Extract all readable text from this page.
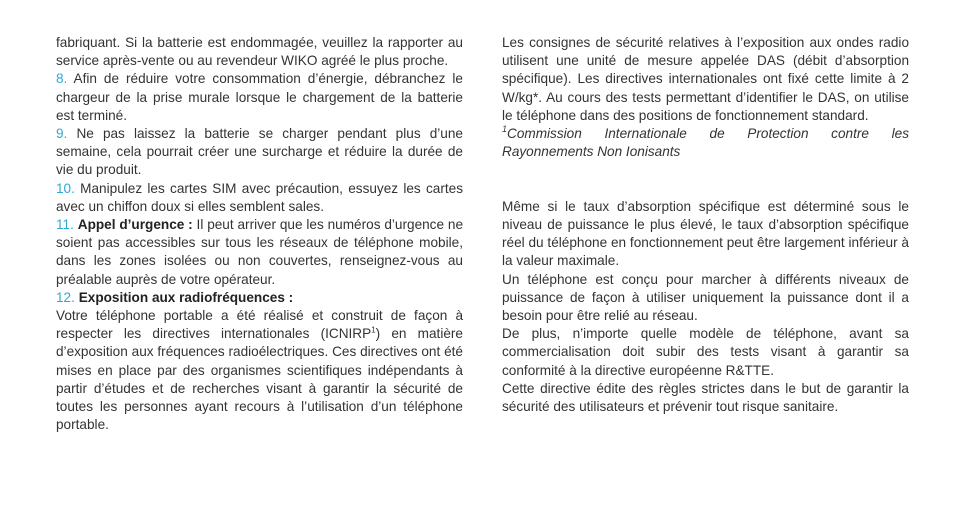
fabriquant. Si la batterie est endommagée, veuillez la rapporter au service après-vente ou au revendeur WIKO agréé le plus proche.

8. Afin de réduire votre consommation d’énergie, débranchez le chargeur de la prise murale lorsque le chargement de la batterie est terminé.

9. Ne pas laissez la batterie se charger pendant plus d’une semaine, cela pourrait créer une surcharge et réduire la durée de vie du produit.

10. Manipulez les cartes SIM avec précaution, essuyez les cartes avec un chiffon doux si elles semblent sales.

11. Appel d’urgence : Il peut arriver que les numéros d’urgence ne soient pas accessibles sur tous les réseaux de téléphone mobile, dans les zones isolées ou non couvertes, renseignez-vous au préalable auprès de votre opérateur.

12. Exposition aux radiofréquences :

Votre téléphone portable a été réalisé et construit de façon à respecter les directives internationales (ICNIRP$^1$) en matière d’exposition aux fréquences radioélectriques. Ces directives ont été mises en place par des organismes scientifiques indépendants à partir d’études et de recherches visant à garantir la sécurité de toutes les personnes ayant recours à l’utilisation d’un téléphone portable.

Les consignes de sécurité relatives à l’exposition aux ondes radio utilisent une unité de mesure appelée DAS (débit d’absorption spécifique). Les directives internationales ont fixé cette limite à 2 W/kg*. Au cours des tests permettant d’identifier le DAS, on utilise le téléphone dans des positions de fonctionnement standard.

$^1$Commission Internationale de Protection contre les Rayonnements Non Ionisants

Même si le taux d’absorption spécifique est déterminé sous le niveau de puissance le plus élevé, le taux d’absorption spécifique réel du téléphone en fonctionnement peut être largement inférieur à la valeur maximale.

Un téléphone est conçu pour marcher à différents niveaux de puissance de façon à utiliser uniquement la puissance dont il a besoin pour être relié au réseau.

De plus, n’importe quelle modèle de téléphone, avant sa commercialisation doit subir des tests visant à garantir sa conformité à la directive européenne R&TTE.

Cette directive édite des règles strictes dans le but de garantir la sécurité des utilisateurs et prévenir tout risque sanitaire.
